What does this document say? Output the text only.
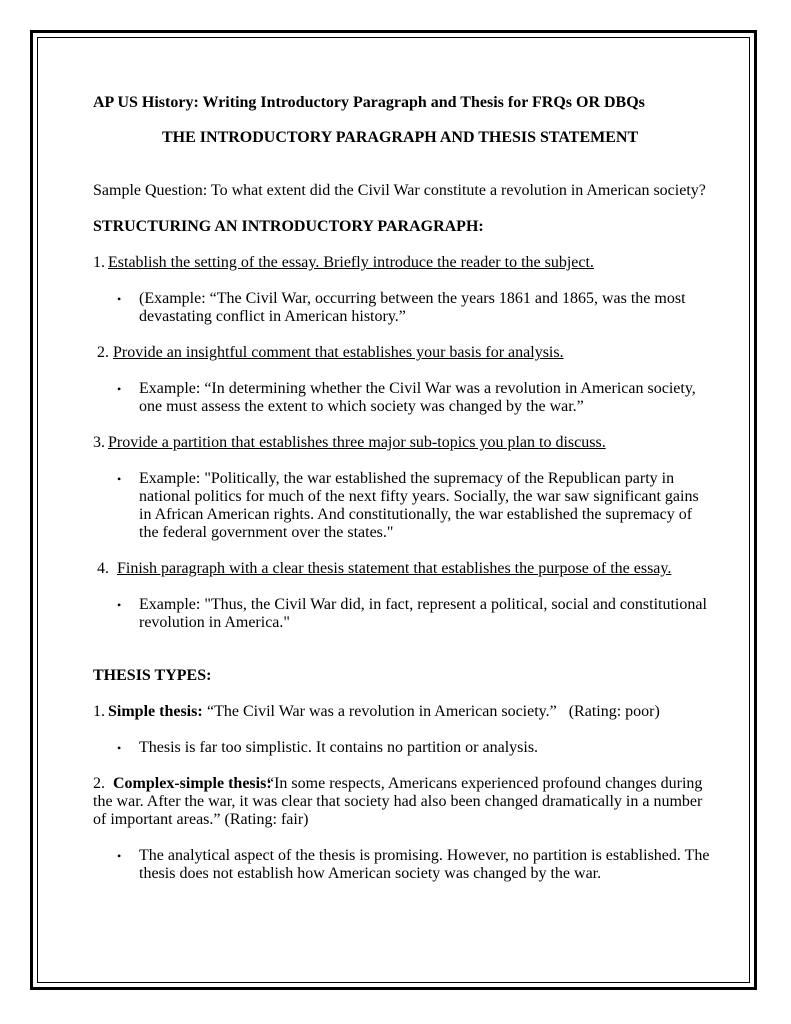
AP US History: Writing Introductory Paragraph and Thesis for FRQs OR DBQs
THE INTRODUCTORY PARAGRAPH AND THESIS STATEMENT
Sample Question: To what extent did the Civil War constitute a revolution in American society?
STRUCTURING AN INTRODUCTORY PARAGRAPH:
1. Establish the setting of the essay. Briefly introduce the reader to the subject.
• (Example: “The Civil War, occurring between the years 1861 and 1865, was the most
devastating conflict in American history.”
2. Provide an insightful comment that establishes your basis for analysis.
• Example: “In determining whether the Civil War was a revolution in American society,
one must assess the extent to which society was changed by the war.”
3. Provide a partition that establishes three major sub-topics you plan to discuss.
• Example: "Politically, the war established the supremacy of the Republican party in
national politics for much of the next fifty years. Socially, the war saw significant gains
in African American rights. And constitutionally, the war established the supremacy of
the federal government over the states."
4. Finish paragraph with a clear thesis statement that establishes the purpose of the essay.
• Example: "Thus, the Civil War did, in fact, represent a political, social and constitutional
revolution in America."
THESIS TYPES:
1. Simple thesis: “The Civil War was a revolution in American society.”   (Rating: poor)
• Thesis is far too simplistic. It contains no partition or analysis.
2. Complex-simple thesis:
“In some respects, Americans experienced profound changes during
the war. After the war, it was clear that society had also been changed dramatically in a number
of important areas.” (Rating: fair)
• The analytical aspect of the thesis is promising. However, no partition is established. The
thesis does not establish how American society was changed by the war.
